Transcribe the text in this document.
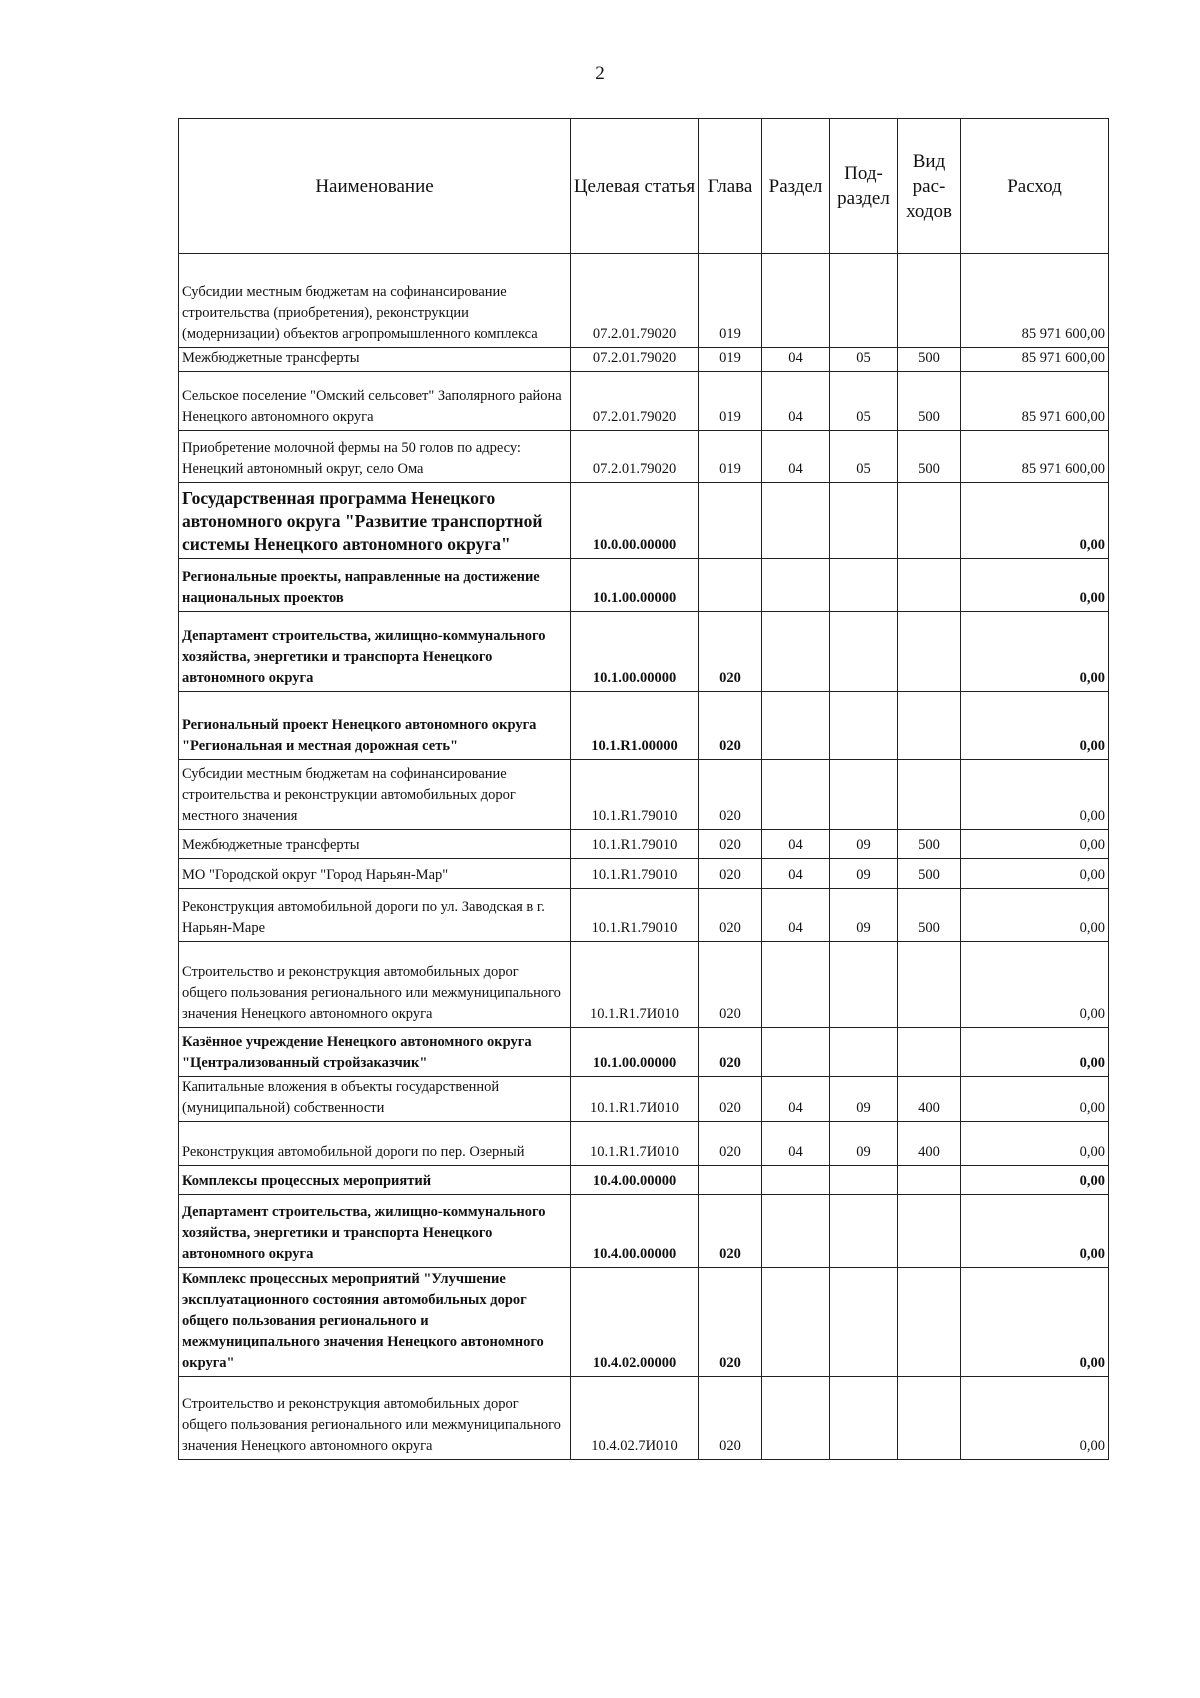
2
Наименование	Целевая статья	Глава	Раздел	Под-раздел	Вид рас-ходов	Расход
Субсидии местным бюджетам на софинансирование строительства (приобретения), реконструкции (модернизации) объектов агропромышленного комплекса	07.2.01.79020	019				85 971 600,00
Межбюджетные трансферты	07.2.01.79020	019	04	05	500	85 971 600,00
Сельское поселение "Омский сельсовет" Заполярного района Ненецкого автономного округа	07.2.01.79020	019	04	05	500	85 971 600,00
Приобретение молочной фермы на 50 голов по адресу: Ненецкий автономный округ, село Ома	07.2.01.79020	019	04	05	500	85 971 600,00
Государственная программа Ненецкого автономного округа "Развитие транспортной системы Ненецкого автономного округа"	10.0.00.00000					0,00
Региональные проекты, направленные на достижение национальных проектов	10.1.00.00000					0,00
Департамент строительства, жилищно-коммунального хозяйства, энергетики и транспорта Ненецкого автономного округа	10.1.00.00000	020				0,00
Региональный проект Ненецкого автономного округа "Региональная и местная дорожная сеть"	10.1.R1.00000	020				0,00
Субсидии местным бюджетам на софинансирование строительства и реконструкции автомобильных дорог местного значения	10.1.R1.79010	020				0,00
Межбюджетные трансферты	10.1.R1.79010	020	04	09	500	0,00
МО "Городской округ "Город Нарьян-Мар"	10.1.R1.79010	020	04	09	500	0,00
Реконструкция автомобильной дороги по ул. Заводская в г. Нарьян-Маре	10.1.R1.79010	020	04	09	500	0,00
Строительство и реконструкция автомобильных дорог общего пользования регионального или межмуниципального значения Ненецкого автономного округа	10.1.R1.7И010	020				0,00
Казённое учреждение Ненецкого автономного округа "Централизованный стройзаказчик"	10.1.00.00000	020				0,00
Капитальные вложения в объекты государственной (муниципальной) собственности	10.1.R1.7И010	020	04	09	400	0,00
Реконструкция автомобильной дороги по пер. Озерный	10.1.R1.7И010	020	04	09	400	0,00
Комплексы процессных мероприятий	10.4.00.00000					0,00
Департамент строительства, жилищно-коммунального хозяйства, энергетики и транспорта Ненецкого автономного округа	10.4.00.00000	020				0,00
Комплекс процессных мероприятий "Улучшение эксплуатационного состояния автомобильных дорог общего пользования регионального и межмуниципального значения Ненецкого автономного округа"	10.4.02.00000	020				0,00
Строительство и реконструкция автомобильных дорог общего пользования регионального или межмуниципального значения Ненецкого автономного округа	10.4.02.7И010	020				0,00
